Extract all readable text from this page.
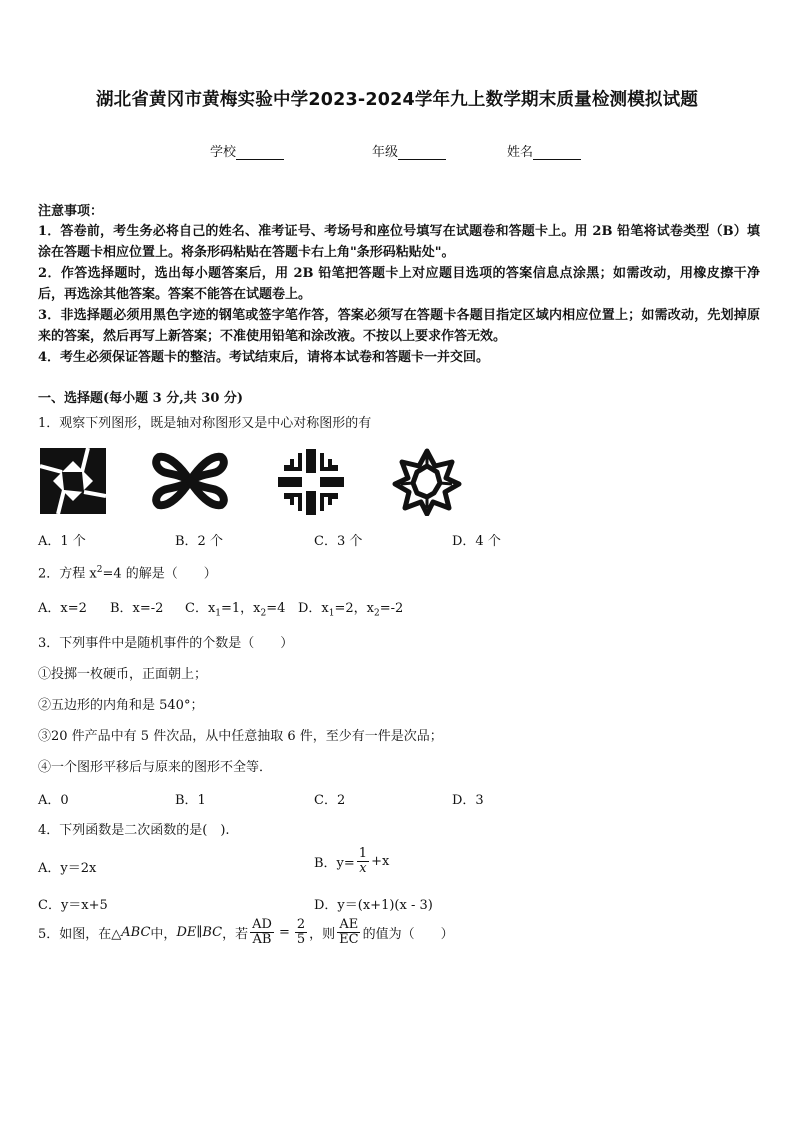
湖北省黄冈市黄梅实验中学2023-2024学年九上数学期末质量检测模拟试题
学校	年级	姓名
注意事项：
1．答卷前，考生务必将自己的姓名、准考证号、考场号和座位号填写在试题卷和答题卡上。用 2B 铅笔将试卷类型（B）填涂在答题卡相应位置上。将条形码粘贴在答题卡右上角"条形码粘贴处"。
2．作答选择题时，选出每小题答案后，用 2B 铅笔把答题卡上对应题目选项的答案信息点涂黑；如需改动，用橡皮擦干净后，再选涂其他答案。答案不能答在试题卷上。
3．非选择题必须用黑色字迹的钢笔或签字笔作答，答案必须写在答题卡各题目指定区域内相应位置上；如需改动，先划掉原来的答案，然后再写上新答案；不准使用铅笔和涂改液。不按以上要求作答无效。
4．考生必须保证答题卡的整洁。考试结束后，请将本试卷和答题卡一并交回。
一、选择题(每小题 3 分,共 30 分)
1．观察下列图形，既是轴对称图形又是中心对称图形的有
A．1 个	B．2 个	C．3 个	D．4 个
2．方程 $x^2=4$ 的解是（　　）
A．x=2 B．x=-2 C．$x_1=1$，$x_2=4$ D．$x_1=2$，$x_2=-2$
3．下列事件中是随机事件的个数是（　　）
①投掷一枚硬币，正面朝上；
②五边形的内角和是 540°；
③20 件产品中有 5 件次品，从中任意抽取 6 件，至少有一件是次品；
④一个图形平移后与原来的图形不全等．
A．0	B．1	C．2	D．3
4．下列函数是二次函数的是(　).
A．y＝2x	B．$y= \frac{1}{x} +x$
C．y＝x+5	D．y＝(x+1)(x - 3)
5．如图，在△ ABC 中， DE∥BC ，若 $\frac{AD}{AB} = \frac{2}{5}$ ，则 $\frac{AE}{EC}$ 的值为（　　）
